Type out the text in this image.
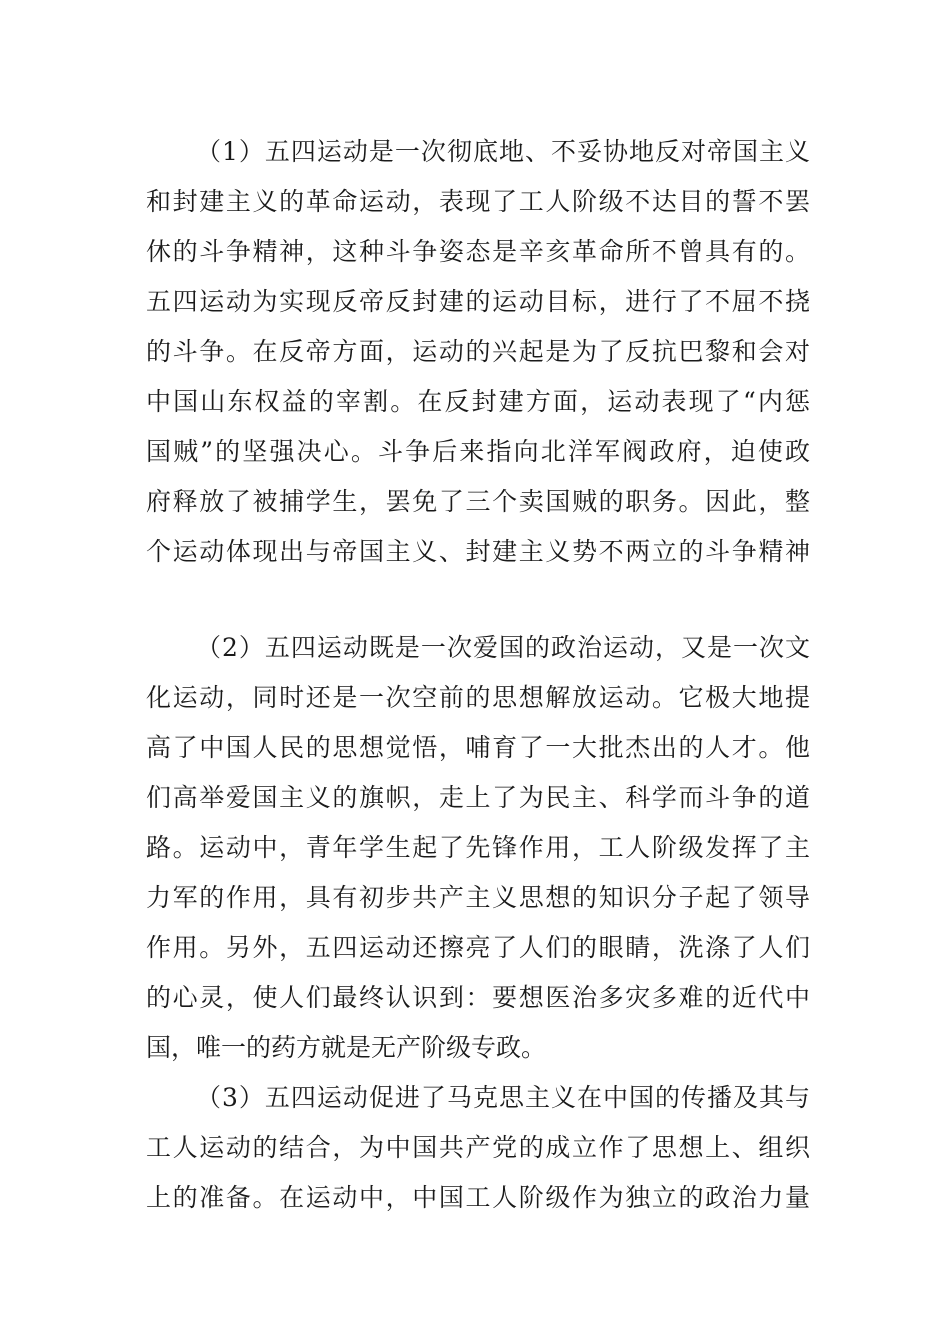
（1）五四运动是一次彻底地、不妥协地反对帝国主义
和封建主义的革命运动，表现了工人阶级不达目的誓不罢
休的斗争精神，这种斗争姿态是辛亥革命所不曾具有的。
五四运动为实现反帝反封建的运动目标，进行了不屈不挠
的斗争。在反帝方面，运动的兴起是为了反抗巴黎和会对
中国山东权益的宰割。在反封建方面，运动表现了“内惩
国贼”的坚强决心。斗争后来指向北洋军阀政府，迫使政
府释放了被捕学生，罢免了三个卖国贼的职务。因此，整
个运动体现出与帝国主义、封建主义势不两立的斗争精神
（2）五四运动既是一次爱国的政治运动，又是一次文
化运动，同时还是一次空前的思想解放运动。它极大地提
高了中国人民的思想觉悟，哺育了一大批杰出的人才。他
们高举爱国主义的旗帜，走上了为民主、科学而斗争的道
路。运动中，青年学生起了先锋作用，工人阶级发挥了主
力军的作用，具有初步共产主义思想的知识分子起了领导
作用。另外，五四运动还擦亮了人们的眼睛，洗涤了人们
的心灵，使人们最终认识到：要想医治多灾多难的近代中
国，唯一的药方就是无产阶级专政。
（3）五四运动促进了马克思主义在中国的传播及其与
工人运动的结合，为中国共产党的成立作了思想上、组织
上的准备。在运动中，中国工人阶级作为独立的政治力量
